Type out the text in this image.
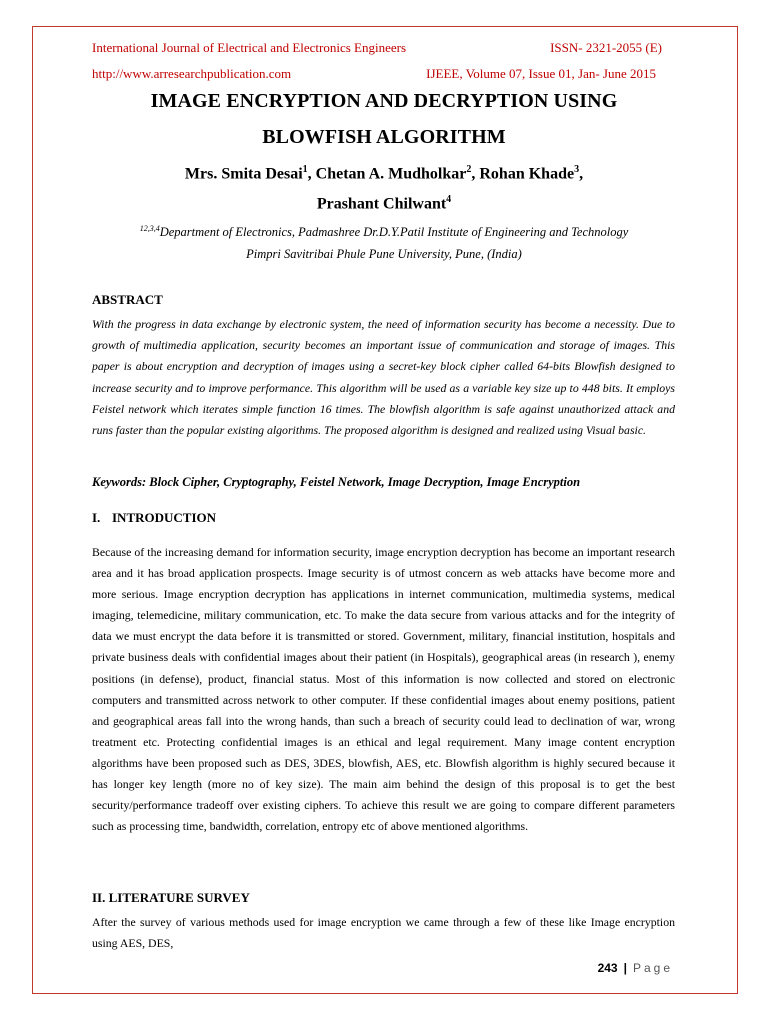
International Journal of Electrical and Electronics Engineers	ISSN- 2321-2055 (E)
http://www.arresearchpublication.com	IJEEE, Volume 07, Issue 01, Jan- June 2015
IMAGE ENCRYPTION AND DECRYPTION USING
BLOWFISH ALGORITHM
Mrs. Smita Desai$^1$, Chetan A. Mudholkar$^2$, Rohan Khade$^3$,
Prashant Chilwant$^4$
$^{12,3,4}$Department of Electronics, Padmashree Dr.D.Y.Patil Institute of Engineering and Technology
Pimpri Savitribai Phule Pune University, Pune, (India)
ABSTRACT
With the progress in data exchange by electronic system, the need of information security has become a necessity. Due to growth of multimedia application, security becomes an important issue of communication and storage of images. This paper is about encryption and decryption of images using a secret-key block cipher called 64-bits Blowfish designed to increase security and to improve performance. This algorithm will be used as a variable key size up to 448 bits. It employs Feistel network which iterates simple function 16 times. The blowfish algorithm is safe against unauthorized attack and runs faster than the popular existing algorithms. The proposed algorithm is designed and realized using Visual basic.
Keywords: Block Cipher, Cryptography, Feistel Network, Image Decryption, Image Encryption
I. INTRODUCTION
Because of the increasing demand for information security, image encryption decryption has become an important research area and it has broad application prospects. Image security is of utmost concern as web attacks have become more and more serious. Image encryption decryption has applications in internet communication, multimedia systems, medical imaging, telemedicine, military communication, etc. To make the data secure from various attacks and for the integrity of data we must encrypt the data before it is transmitted or stored. Government, military, financial institution, hospitals and private business deals with confidential images about their patient (in Hospitals), geographical areas (in research ), enemy positions (in defense), product, financial status. Most of this information is now collected and stored on electronic computers and transmitted across network to other computer. If these confidential images about enemy positions, patient and geographical areas fall into the wrong hands, than such a breach of security could lead to declination of war, wrong treatment etc. Protecting confidential images is an ethical and legal requirement. Many image content encryption algorithms have been proposed such as DES, 3DES, blowfish, AES, etc. Blowfish algorithm is highly secured because it has longer key length (more no of key size). The main aim behind the design of this proposal is to get the best security/performance tradeoff over existing ciphers. To achieve this result we are going to compare different parameters such as processing time, bandwidth, correlation, entropy etc of above mentioned algorithms.
II. LITERATURE SURVEY
After the survey of various methods used for image encryption we came through a few of these like Image encryption using AES, DES,
243 | Page
